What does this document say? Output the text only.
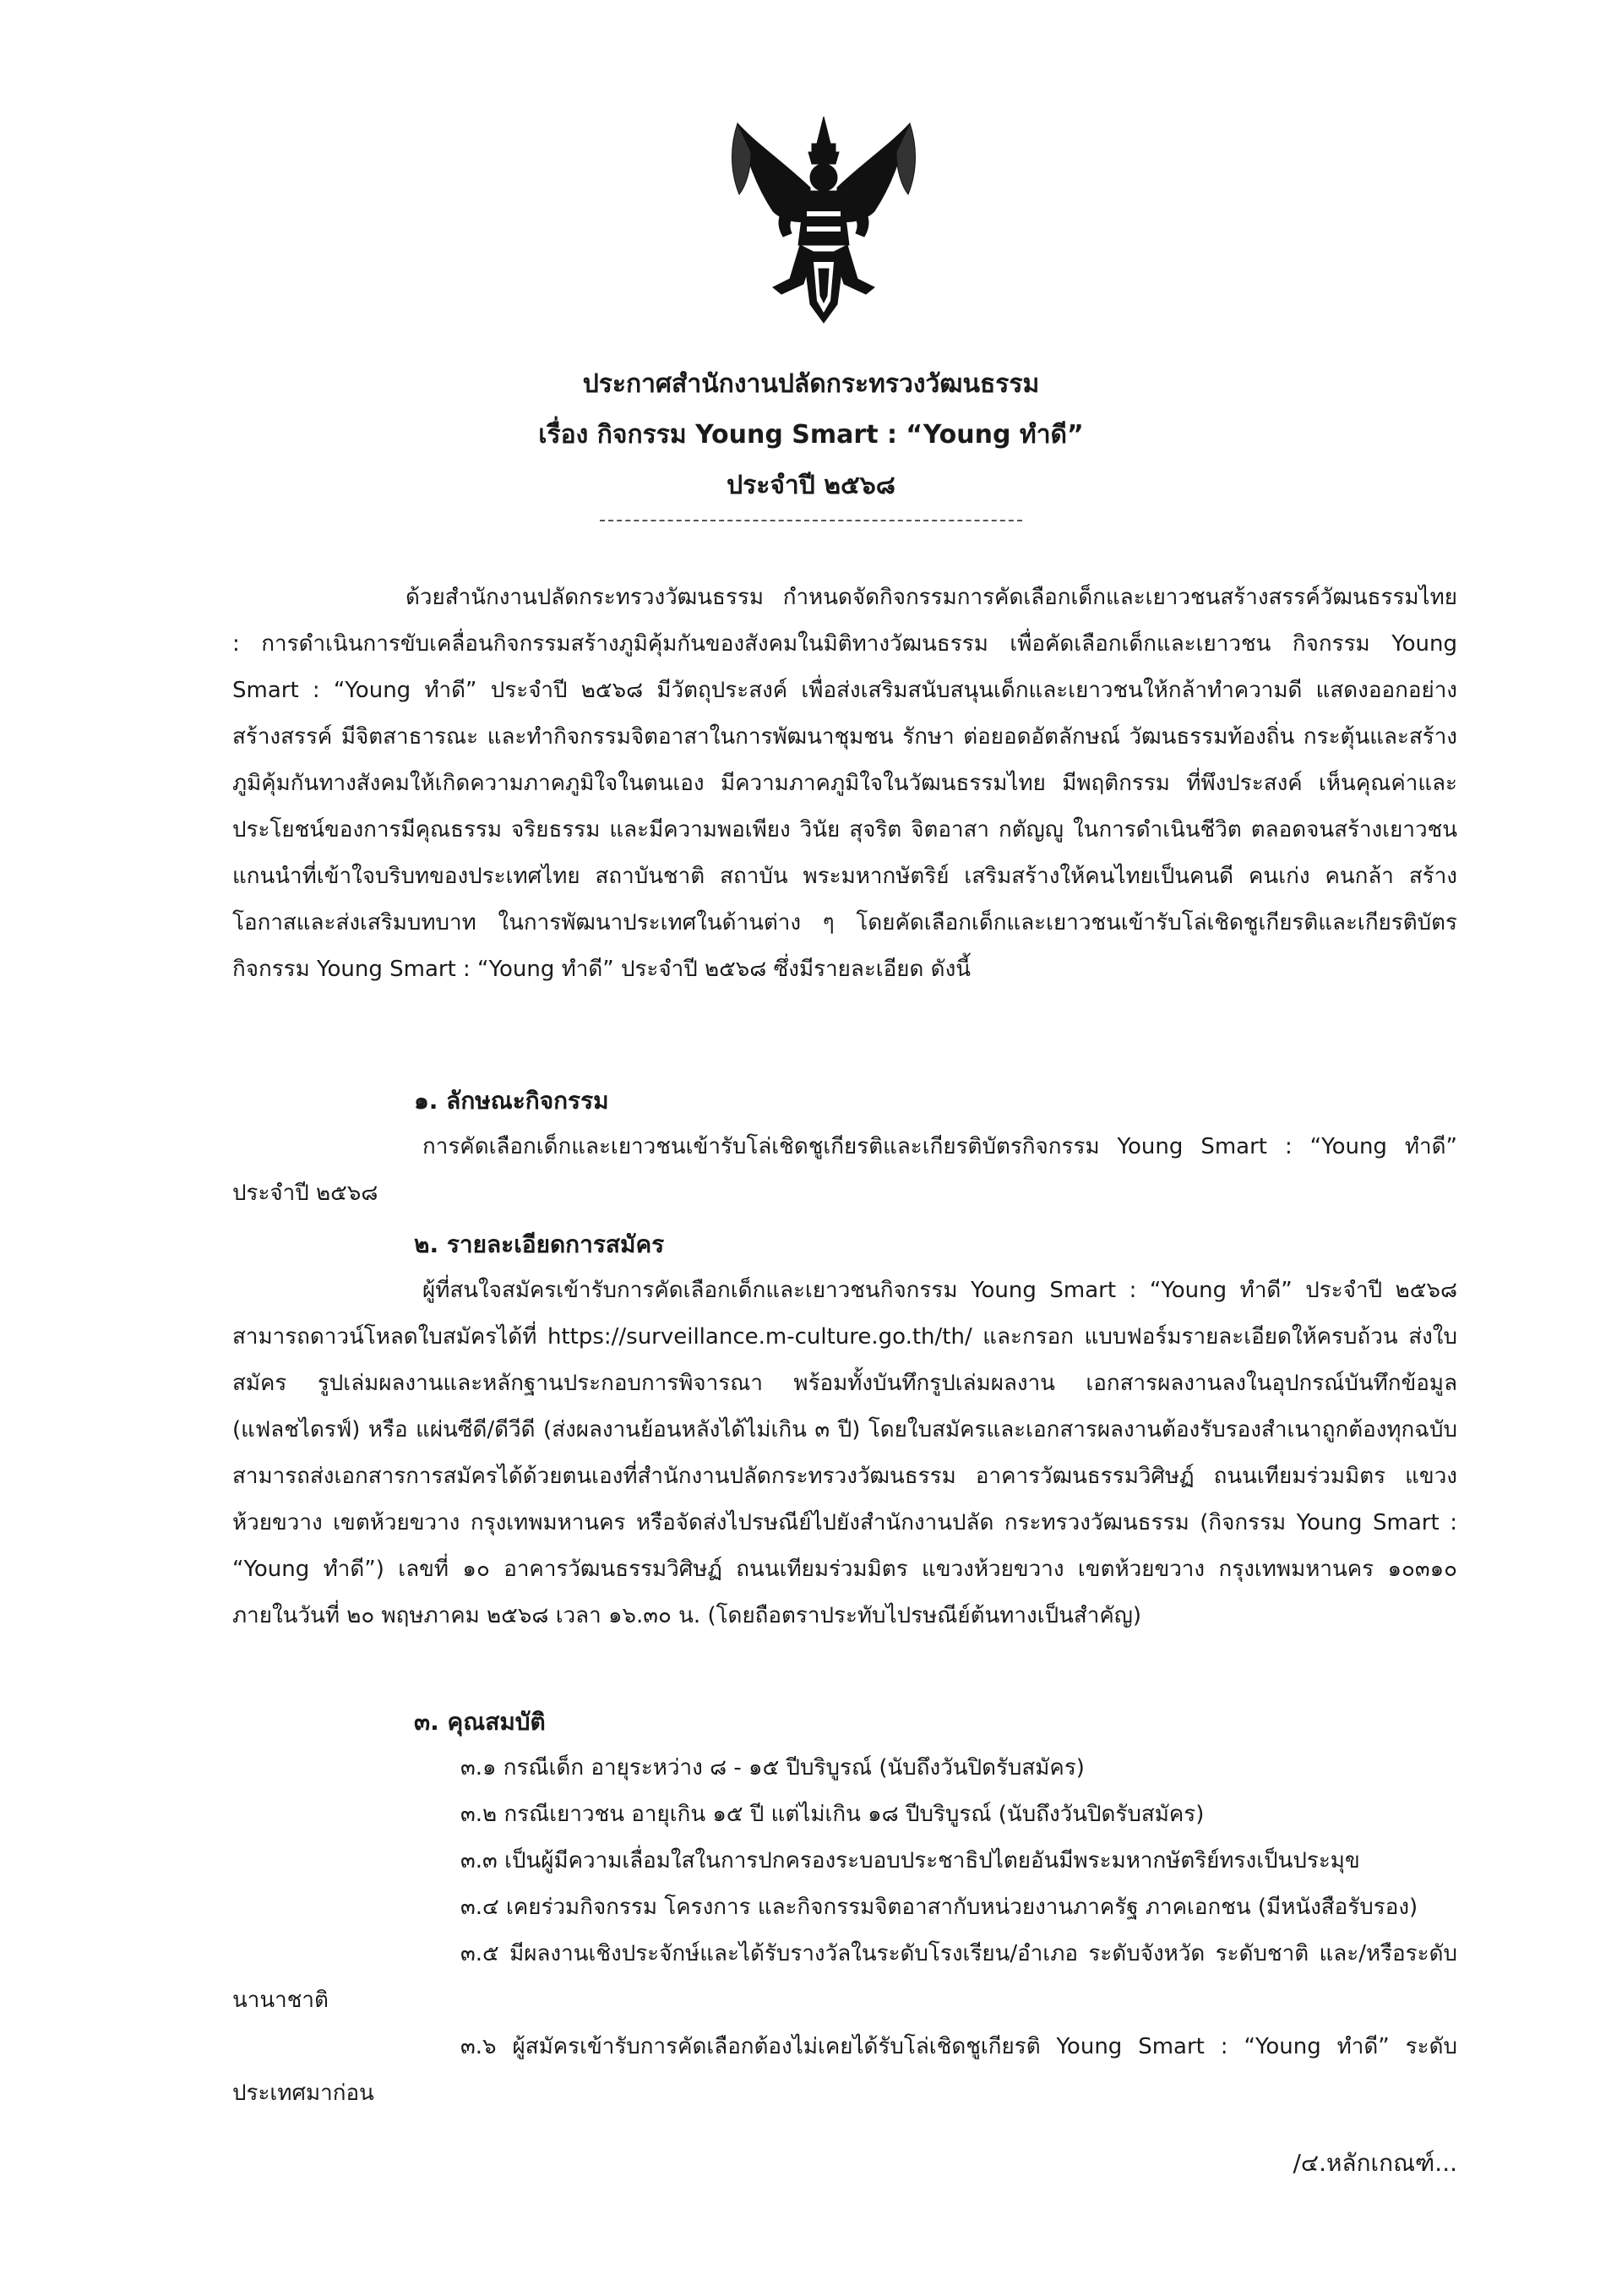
ประกาศสำนักงานปลัดกระทรวงวัฒนธรรม
เรื่อง กิจกรรม Young Smart : “Young ทำดี”
ประจำปี ๒๕๖๘
ด้วยสำนักงานปลัดกระทรวงวัฒนธรรม กำหนดจัดกิจกรรมการคัดเลือกเด็กและเยาวชนสร้างสรรค์วัฒนธรรมไทย : การดำเนินการขับเคลื่อนกิจกรรมสร้างภูมิคุ้มกันของสังคมในมิติทางวัฒนธรรม เพื่อคัดเลือกเด็กและเยาวชน กิจกรรม Young Smart : “Young ทำดี” ประจำปี ๒๕๖๘ มีวัตถุประสงค์ เพื่อส่งเสริมสนับสนุนเด็กและเยาวชนให้กล้าทำความดี แสดงออกอย่างสร้างสรรค์ มีจิตสาธารณะ และทำกิจกรรมจิตอาสาในการพัฒนาชุมชน รักษา ต่อยอดอัตลักษณ์ วัฒนธรรมท้องถิ่น กระตุ้นและสร้าง ภูมิคุ้มกันทางสังคมให้เกิดความภาคภูมิใจในตนเอง มีความภาคภูมิใจในวัฒนธรรมไทย มีพฤติกรรม ที่พึงประสงค์ เห็นคุณค่าและประโยชน์ของการมีคุณธรรม จริยธรรม และมีความพอเพียง วินัย สุจริต จิตอาสา กตัญญู ในการดำเนินชีวิต ตลอดจนสร้างเยาวชนแกนนำที่เข้าใจบริบทของประเทศไทย สถาบันชาติ สถาบัน พระมหากษัตริย์ เสริมสร้างให้คนไทยเป็นคนดี คนเก่ง คนกล้า สร้างโอกาสและส่งเสริมบทบาท ในการพัฒนาประเทศในด้านต่าง ๆ โดยคัดเลือกเด็กและเยาวชนเข้ารับโล่เชิดชูเกียรติและเกียรติบัตร กิจกรรม Young Smart : “Young ทำดี” ประจำปี ๒๕๖๘ ซึ่งมีรายละเอียด ดังนี้
๑. ลักษณะกิจกรรม
การคัดเลือกเด็กและเยาวชนเข้ารับโล่เชิดชูเกียรติและเกียรติบัตรกิจกรรม Young Smart : “Young ทำดี” ประจำปี ๒๕๖๘
๒. รายละเอียดการสมัคร
ผู้ที่สนใจสมัครเข้ารับการคัดเลือกเด็กและเยาวชนกิจกรรม Young Smart : “Young ทำดี” ประจำปี ๒๕๖๘ สามารถดาวน์โหลดใบสมัครได้ที่ https://surveillance.m-culture.go.th/th/ และกรอก แบบฟอร์มรายละเอียดให้ครบถ้วน ส่งใบสมัคร รูปเล่มผลงานและหลักฐานประกอบการพิจารณา พร้อมทั้งบันทึกรูปเล่มผลงาน เอกสารผลงานลงในอุปกรณ์บันทึกข้อมูล (แฟลชไดรฟ์) หรือ แผ่นซีดี/ดีวีดี (ส่งผลงานย้อนหลังได้ไม่เกิน ๓ ปี) โดยใบสมัครและเอกสารผลงานต้องรับรองสำเนาถูกต้องทุกฉบับ สามารถส่งเอกสารการสมัครได้ด้วยตนเองที่สำนักงานปลัดกระทรวงวัฒนธรรม อาคารวัฒนธรรมวิศิษฏ์ ถนนเทียมร่วมมิตร แขวงห้วยขวาง เขตห้วยขวาง กรุงเทพมหานคร หรือจัดส่งไปรษณีย์ไปยังสำนักงานปลัด กระทรวงวัฒนธรรม (กิจกรรม Young Smart : “Young ทำดี”) เลขที่ ๑๐ อาคารวัฒนธรรมวิศิษฏ์ ถนนเทียมร่วมมิตร แขวงห้วยขวาง เขตห้วยขวาง กรุงเทพมหานคร ๑๐๓๑๐ ภายในวันที่ ๒๐ พฤษภาคม ๒๕๖๘ เวลา ๑๖.๓๐ น. (โดยถือตราประทับไปรษณีย์ต้นทางเป็นสำคัญ)
๓. คุณสมบัติ
๓.๑ กรณีเด็ก อายุระหว่าง ๘ - ๑๕ ปีบริบูรณ์ (นับถึงวันปิดรับสมัคร)
๓.๒ กรณีเยาวชน อายุเกิน ๑๕ ปี แต่ไม่เกิน ๑๘ ปีบริบูรณ์ (นับถึงวันปิดรับสมัคร)
๓.๓ เป็นผู้มีความเลื่อมใสในการปกครองระบอบประชาธิปไตยอันมีพระมหากษัตริย์ทรงเป็นประมุข
๓.๔ เคยร่วมกิจกรรม โครงการ และกิจกรรมจิตอาสากับหน่วยงานภาครัฐ ภาคเอกชน (มีหนังสือรับรอง)
๓.๕ มีผลงานเชิงประจักษ์และได้รับรางวัลในระดับโรงเรียน/อำเภอ ระดับจังหวัด ระดับชาติ และ/หรือระดับนานาชาติ
๓.๖ ผู้สมัครเข้ารับการคัดเลือกต้องไม่เคยได้รับโล่เชิดชูเกียรติ Young Smart : “Young ทำดี” ระดับประเทศมาก่อน
/๔.หลักเกณฑ์...
